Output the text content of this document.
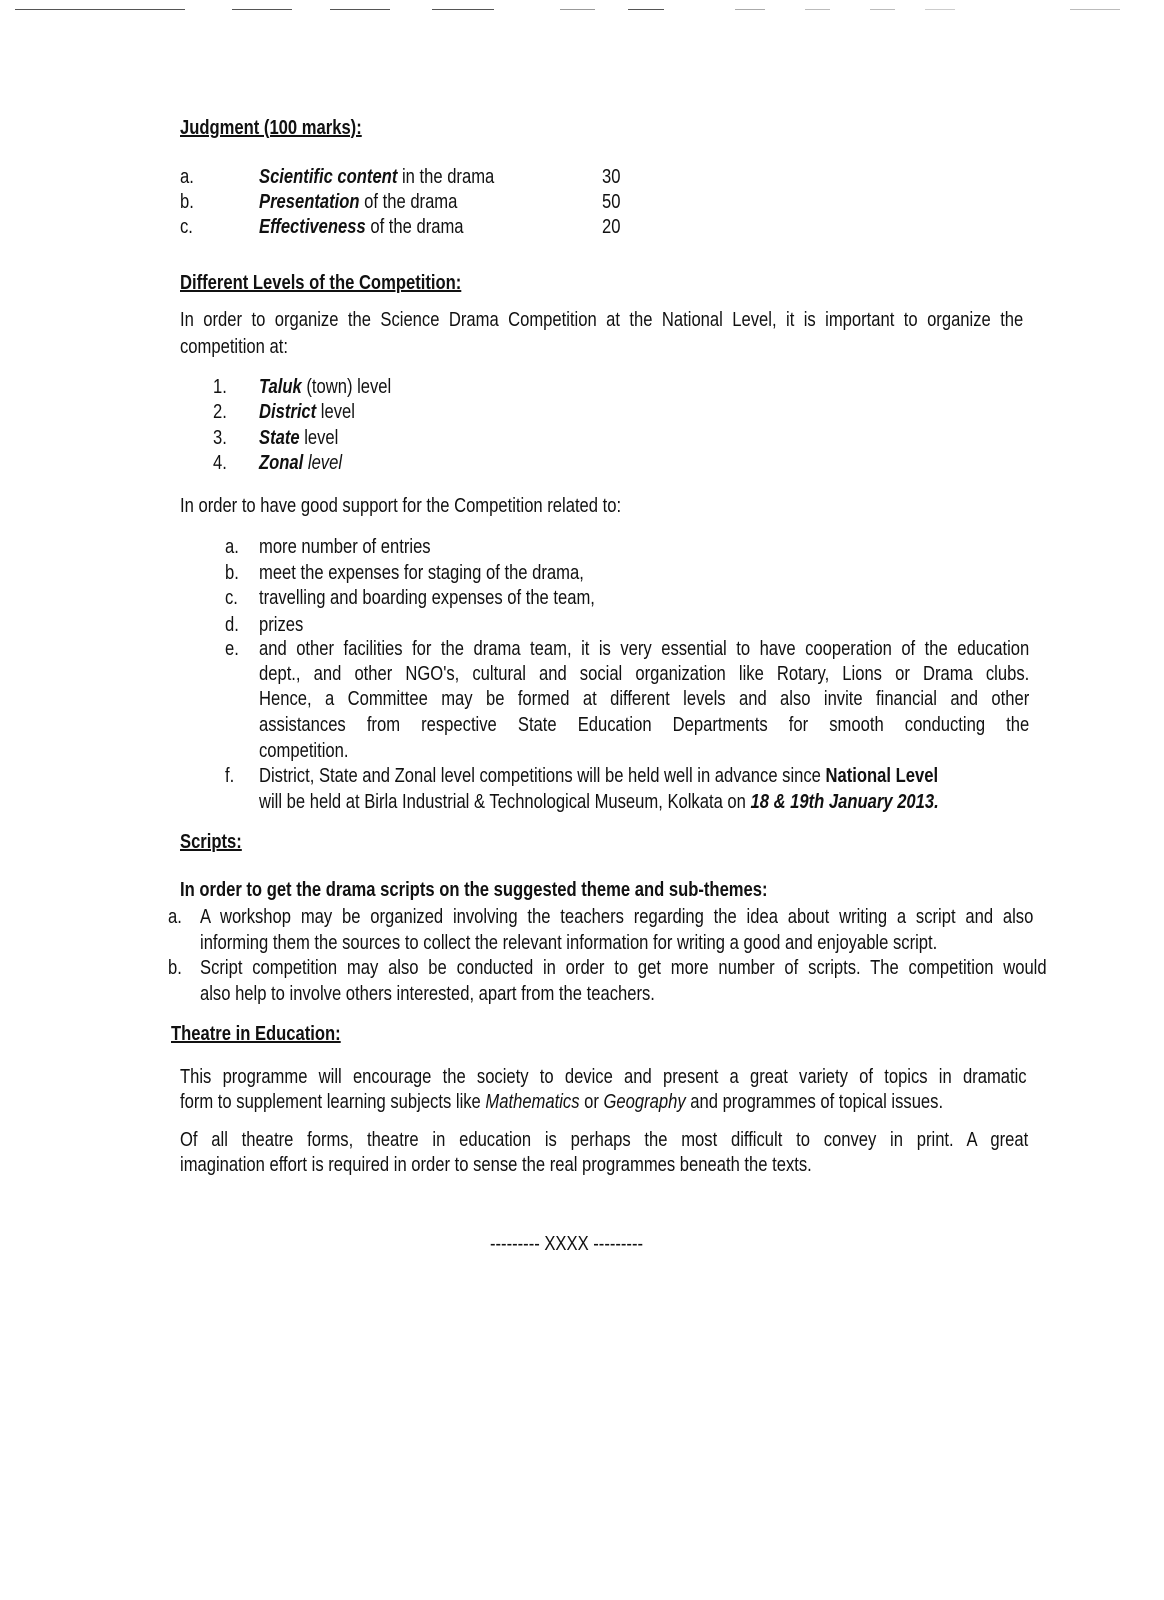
Judgment (100 marks):
a.	Scientific content in the drama	30
b.	Presentation of the drama	50
c.	Effectiveness of the drama	20
Different Levels of the Competition:
In order to organize the Science Drama Competition at the National Level, it is important to organize the
competition at:
1. Taluk (town) level
2. District level
3. State level
4. Zonal level
In order to have good support for the Competition related to:
a. more number of entries
b. meet the expenses for staging of the drama,
c. travelling and boarding expenses of the team,
d. prizes
e. and other facilities for the drama team, it is very essential to have cooperation of the education
dept., and other NGO's, cultural and social organization like Rotary, Lions or Drama clubs.
Hence, a Committee may be formed at different levels and also invite financial and other
assistances from respective State Education Departments for smooth conducting the
competition.
f. District, State and Zonal level competitions will be held well in advance since National Level
will be held at Birla Industrial & Technological Museum, Kolkata on 18 & 19th January 2013.
Scripts:
In order to get the drama scripts on the suggested theme and sub-themes:
a. A workshop may be organized involving the teachers regarding the idea about writing a script and also
informing them the sources to collect the relevant information for writing a good and enjoyable script.
b. Script competition may also be conducted in order to get more number of scripts. The competition would
also help to involve others interested, apart from the teachers.
Theatre in Education:
This programme will encourage the society to device and present a great variety of topics in dramatic
form to supplement learning subjects like Mathematics or Geography and programmes of topical issues.
Of all theatre forms, theatre in education is perhaps the most difficult to convey in print. A great
imagination effort is required in order to sense the real programmes beneath the texts.
--------- XXXX ---------
